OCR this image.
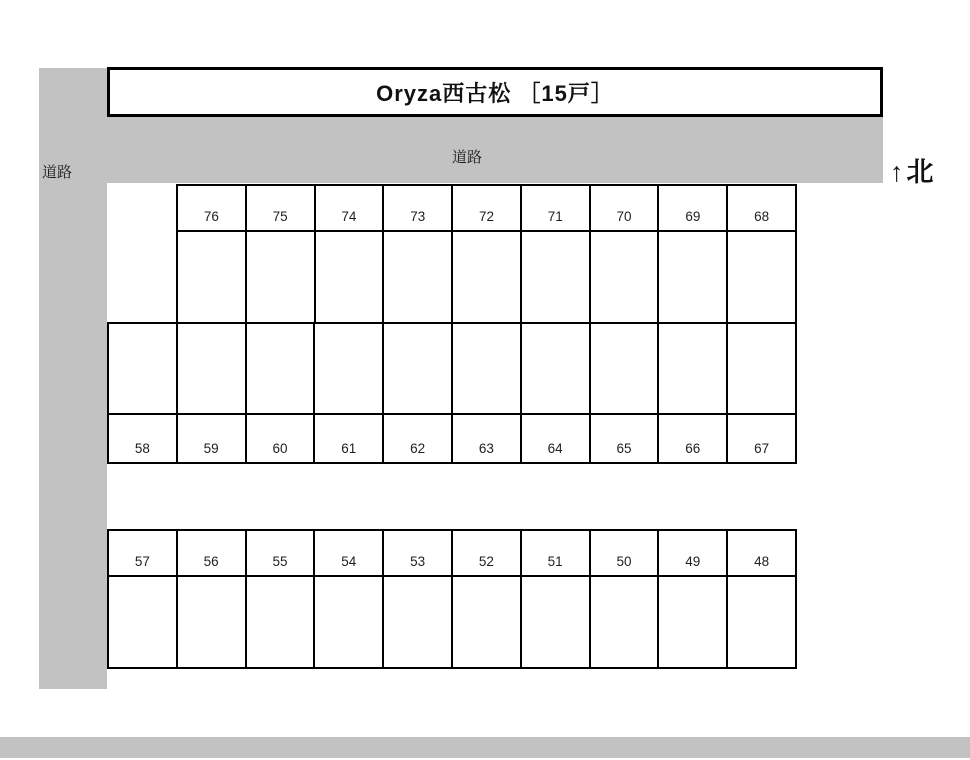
道路
道路
Oryza西古松 ［15戸］
↑ 北
76	75	74	73	72	71	70	69	68
58	59	60	61	62	63	64	65	66	67
57	56	55	54	53	52	51	50	49	48
